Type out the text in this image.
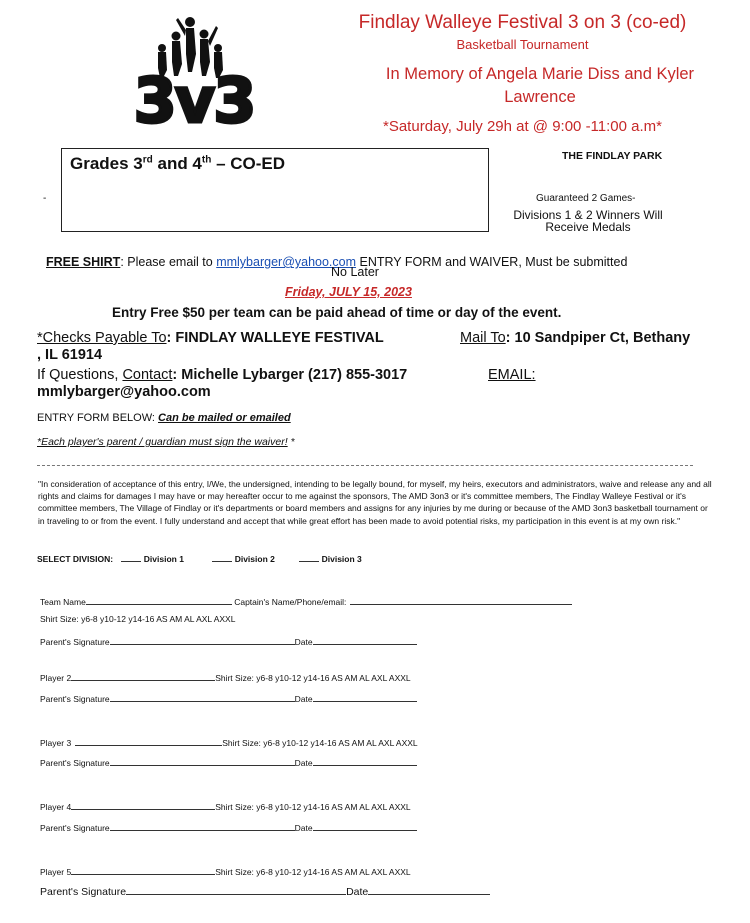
3v3
Findlay Walleye Festival 3 on 3 (co-ed)
Basketball Tournament
In Memory of Angela Marie Diss and Kyler Lawrence
*Saturday, July 29h at @ 9:00 -11:00 a.m*
THE FINDLAY PARK
Guaranteed 2 Games-
Divisions 1 & 2 Winners Will Receive Medals
Grades 3rd and 4th – CO-ED
-
FREE SHIRT: Please email to mmlybarger@yahoo.com ENTRY FORM and WAIVER, Must be submitted
No Later
Friday, JULY 15, 2023
Entry Free $50 per team can be paid ahead of time or day of the event.
*Checks Payable To: FINDLAY WALLEYE FESTIVAL	Mail To: 10 Sandpiper Ct, Bethany
, IL 61914
If Questions, Contact: Michelle Lybarger (217) 855-3017	EMAIL:
mmlybarger@yahoo.com
ENTRY FORM BELOW: Can be mailed or emailed
*Each player's parent / guardian must sign the waiver! *
"In consideration of acceptance of this entry, I/We, the undersigned, intending to be legally bound, for myself, my heirs, executors and administrators, waive and release any and all rights and claims for damages I may have or may hereafter occur to me against the sponsors, The AMD 3on3 or it's committee members, The Findlay Walleye Festival or it's committee members, The Village of Findlay or it's departments or board members and assigns for any injuries by me during or because of the AMD 3on3 basketball tournament or in traveling to or from the event. I fully understand and accept that while great effort has been made to avoid potential risks, my participation in this event is at my own risk."
SELECT DIVISION:	Division 1	Division 2	Division 3
Team Name	Captain's Name/Phone/email:
Shirt Size: y6-8 y10-12 y14-16 AS AM AL AXL AXXL
Parent's Signature	Date
Player 2	Shirt Size: y6-8 y10-12 y14-16 AS AM AL AXL AXXL
Parent's Signature	Date
Player 3	Shirt Size: y6-8 y10-12 y14-16 AS AM AL AXL AXXL
Parent's Signature	Date
Player 4	Shirt Size: y6-8 y10-12 y14-16 AS AM AL AXL AXXL
Parent's Signature	Date
Player 5	Shirt Size: y6-8 y10-12 y14-16 AS AM AL AXL AXXL
Parent's Signature	Date
